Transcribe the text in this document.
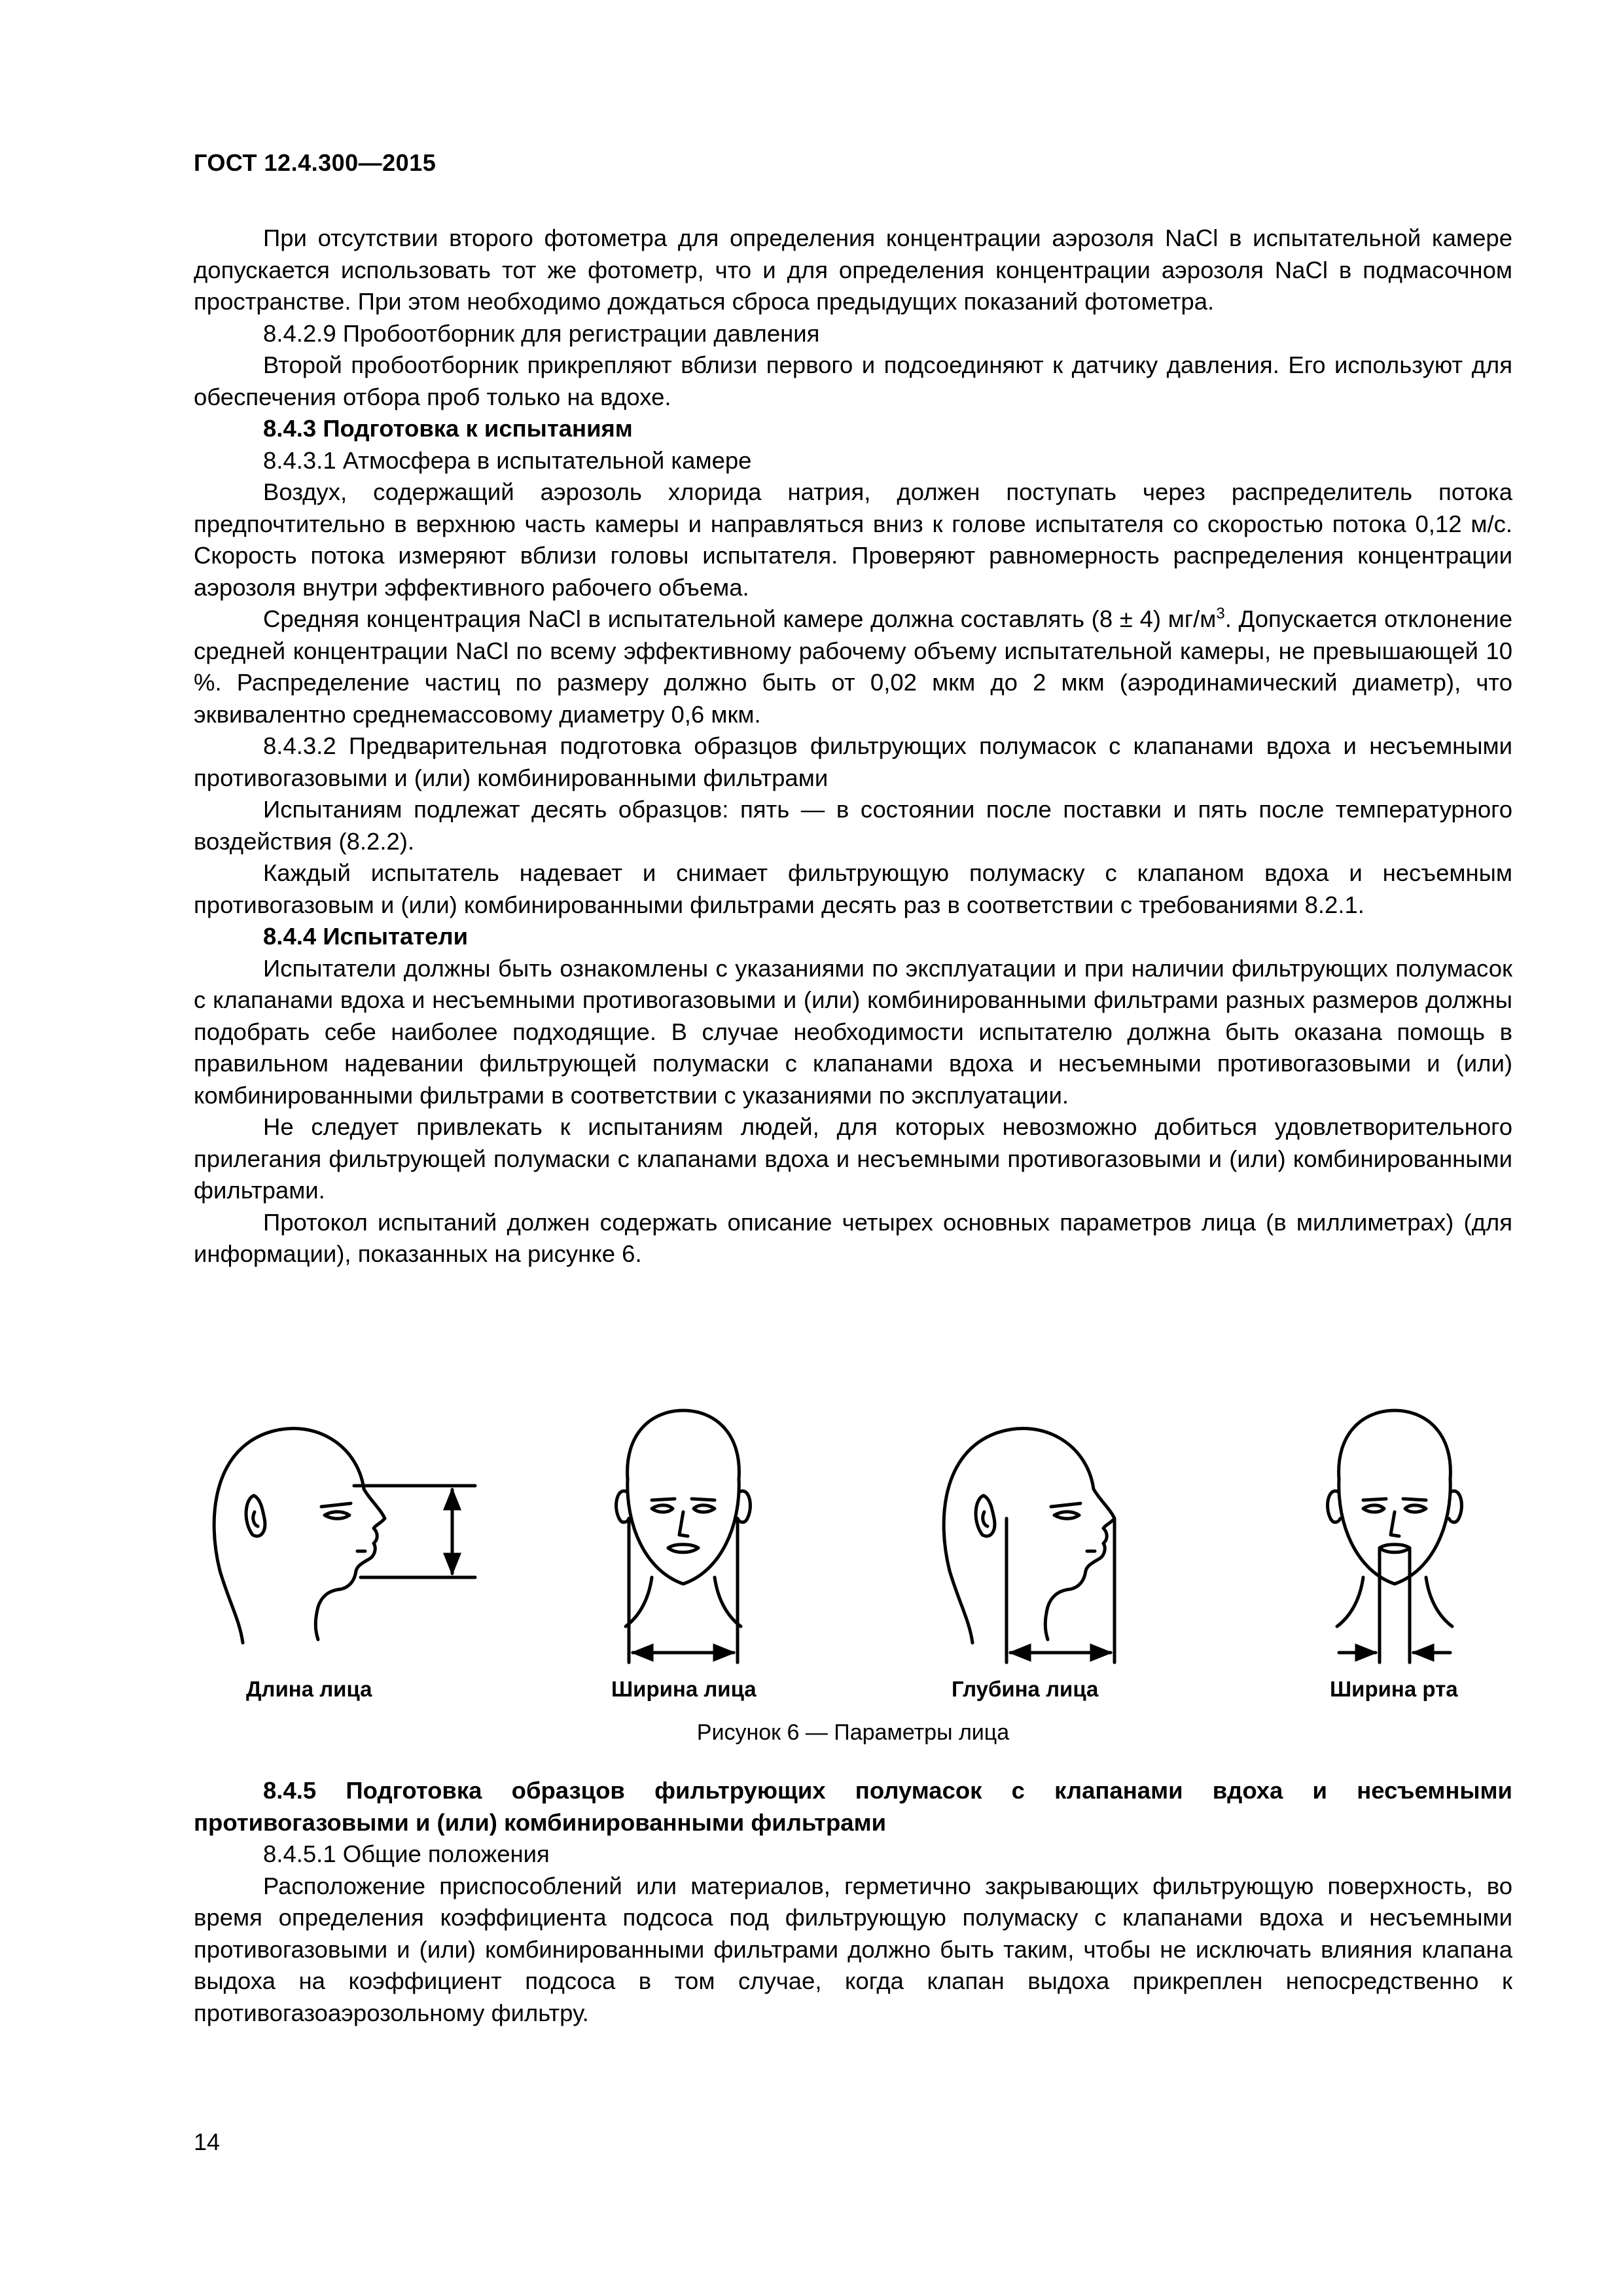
ГОСТ 12.4.300—2015

При отсутствии второго фотометра для определения концентрации аэрозоля NaCl в испытательной камере допускается использовать тот же фотометр, что и для определения концентрации аэрозоля NaCl в подмасочном пространстве. При этом необходимо дождаться сброса предыдущих показаний фотометра.

8.4.2.9 Пробоотборник для регистрации давления

Второй пробоотборник прикрепляют вблизи первого и подсоединяют к датчику давления. Его используют для обеспечения отбора проб только на вдохе.

8.4.3 Подготовка к испытаниям

8.4.3.1 Атмосфера в испытательной камере

Воздух, содержащий аэрозоль хлорида натрия, должен поступать через распределитель потока предпочтительно в верхнюю часть камеры и направляться вниз к голове испытателя со скоростью потока 0,12 м/с. Скорость потока измеряют вблизи головы испытателя. Проверяют равномерность распределения концентрации аэрозоля внутри эффективного рабочего объема.

Средняя концентрация NaCl в испытательной камере должна составлять (8 ± 4) $мг/м^3$. Допускается отклонение средней концентрации NaCl по всему эффективному рабочему объему испытательной камеры, не превышающей 10 %. Распределение частиц по размеру должно быть от 0,02 мкм до 2 мкм (аэродинамический диаметр), что эквивалентно среднемассовому диаметру 0,6 мкм.

8.4.3.2 Предварительная подготовка образцов фильтрующих полумасок с клапанами вдоха и несъемными противогазовыми и (или) комбинированными фильтрами

Испытаниям подлежат десять образцов: пять — в состоянии после поставки и пять после температурного воздействия (8.2.2).

Каждый испытатель надевает и снимает фильтрующую полумаску с клапаном вдоха и несъемным противогазовым и (или) комбинированными фильтрами десять раз в соответствии с требованиями 8.2.1.

8.4.4 Испытатели

Испытатели должны быть ознакомлены с указаниями по эксплуатации и при наличии фильтрующих полумасок с клапанами вдоха и несъемными противогазовыми и (или) комбинированными фильтрами разных размеров должны подобрать себе наиболее подходящие. В случае необходимости испытателю должна быть оказана помощь в правильном надевании фильтрующей полумаски с клапанами вдоха и несъемными противогазовыми и (или) комбинированными фильтрами в соответствии с указаниями по эксплуатации.

Не следует привлекать к испытаниям людей, для которых невозможно добиться удовлетворительного прилегания фильтрующей полумаски с клапанами вдоха и несъемными противогазовыми и (или) комбинированными фильтрами.

Протокол испытаний должен содержать описание четырех основных параметров лица (в миллиметрах) (для информации), показанных на рисунке 6.

Длина лица	Ширина лица	Глубина лица	Ширина рта
Рисунок 6 — Параметры лица

8.4.5 Подготовка образцов фильтрующих полумасок с клапанами вдоха и несъемными противогазовыми и (или) комбинированными фильтрами

8.4.5.1 Общие положения

Расположение приспособлений или материалов, герметично закрывающих фильтрующую поверхность, во время определения коэффициента подсоса под фильтрующую полумаску с клапанами вдоха и несъемными противогазовыми и (или) комбинированными фильтрами должно быть таким, чтобы не исключать влияния клапана выдоха на коэффициент подсоса в том случае, когда клапан выдоха прикреплен непосредственно к противогазоаэрозольному фильтру.

14
